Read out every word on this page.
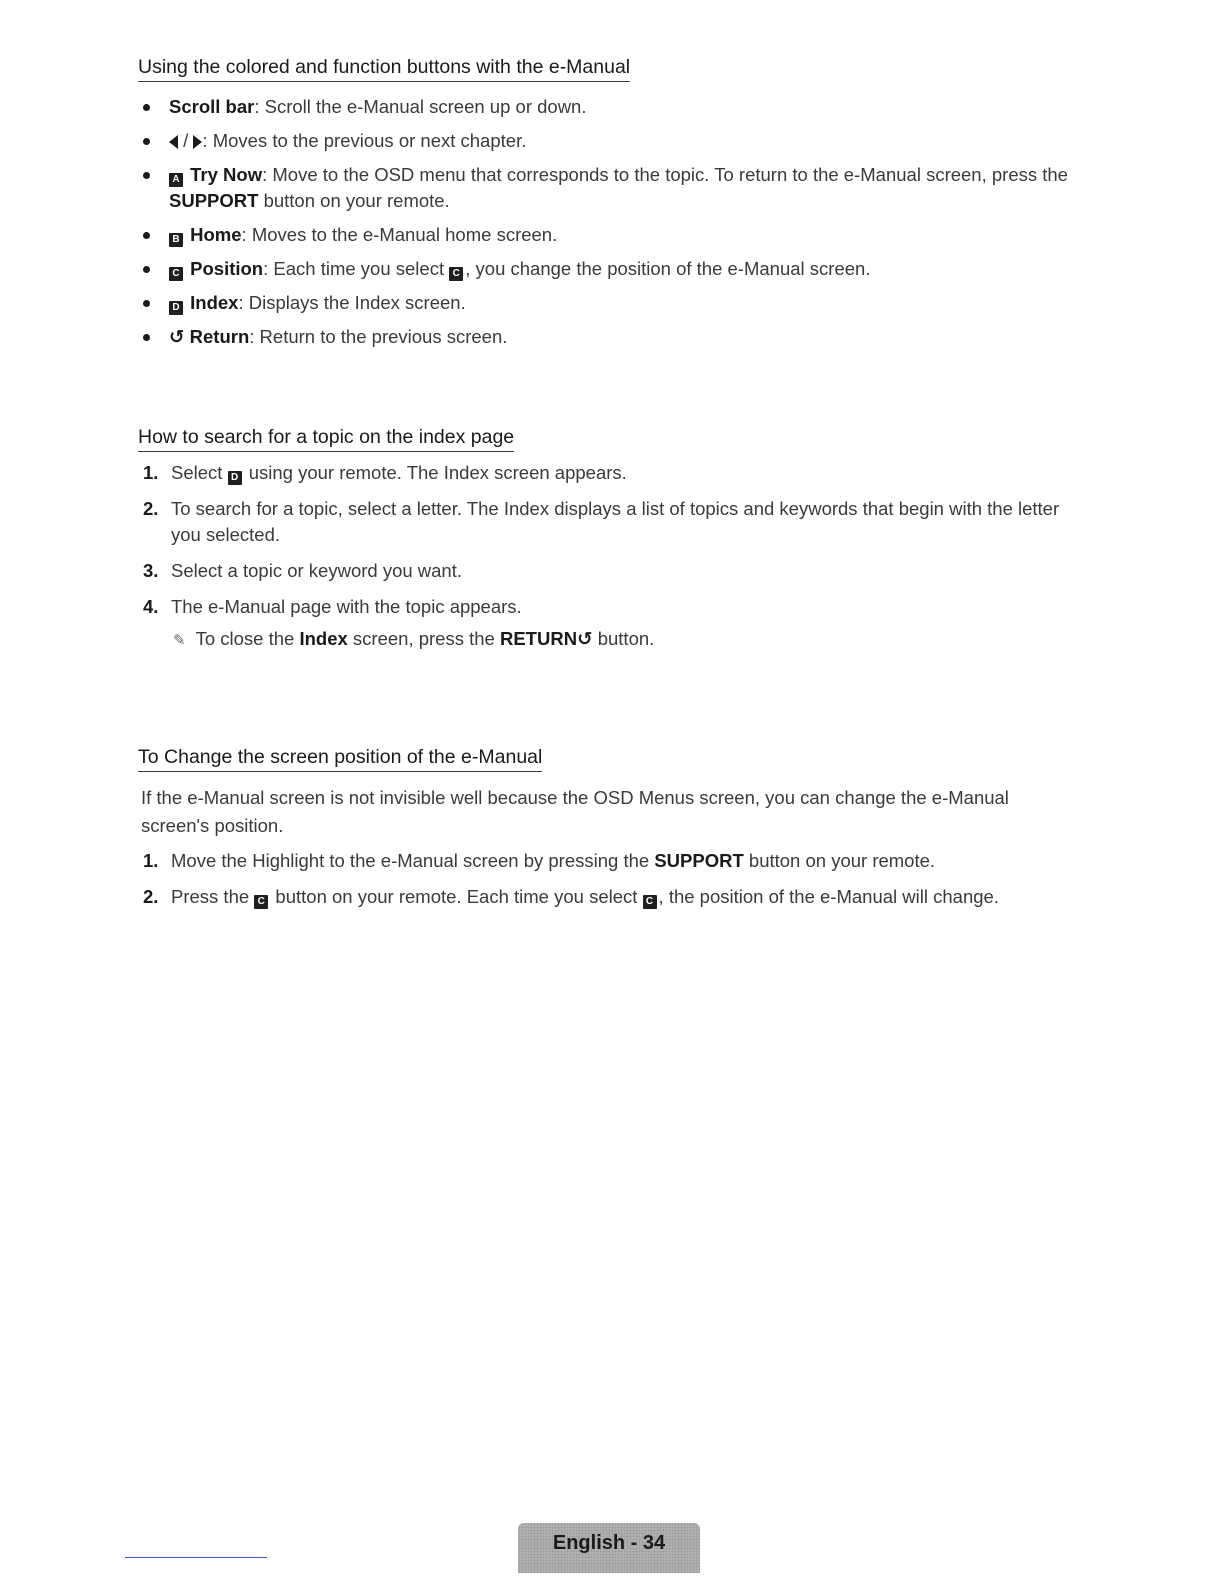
Using the colored and function buttons with the e-Manual
Scroll bar: Scroll the e-Manual screen up or down.
/ : Moves to the previous or next chapter.
A Try Now: Move to the OSD menu that corresponds to the topic. To return to the e-Manual screen, press the SUPPORT button on your remote.
B Home: Moves to the e-Manual home screen.
C Position: Each time you select C , you change the position of the e-Manual screen.
D Index: Displays the Index screen.
↺ Return: Return to the previous screen.
How to search for a topic on the index page
1. Select D using your remote. The Index screen appears.
2. To search for a topic, select a letter. The Index displays a list of topics and keywords that begin with the letter you selected.
3. Select a topic or keyword you want.
4. The e-Manual page with the topic appears.
✎ To close the Index screen, press the RETURN↺ button.
To Change the screen position of the e-Manual

If the e-Manual screen is not invisible well because the OSD Menus screen, you can change the e-Manual screen's position.

1. Move the Highlight to the e-Manual screen by pressing the SUPPORT button on your remote.
2. Press the C button on your remote. Each time you select C , the position of the e-Manual will change.
English - 34
